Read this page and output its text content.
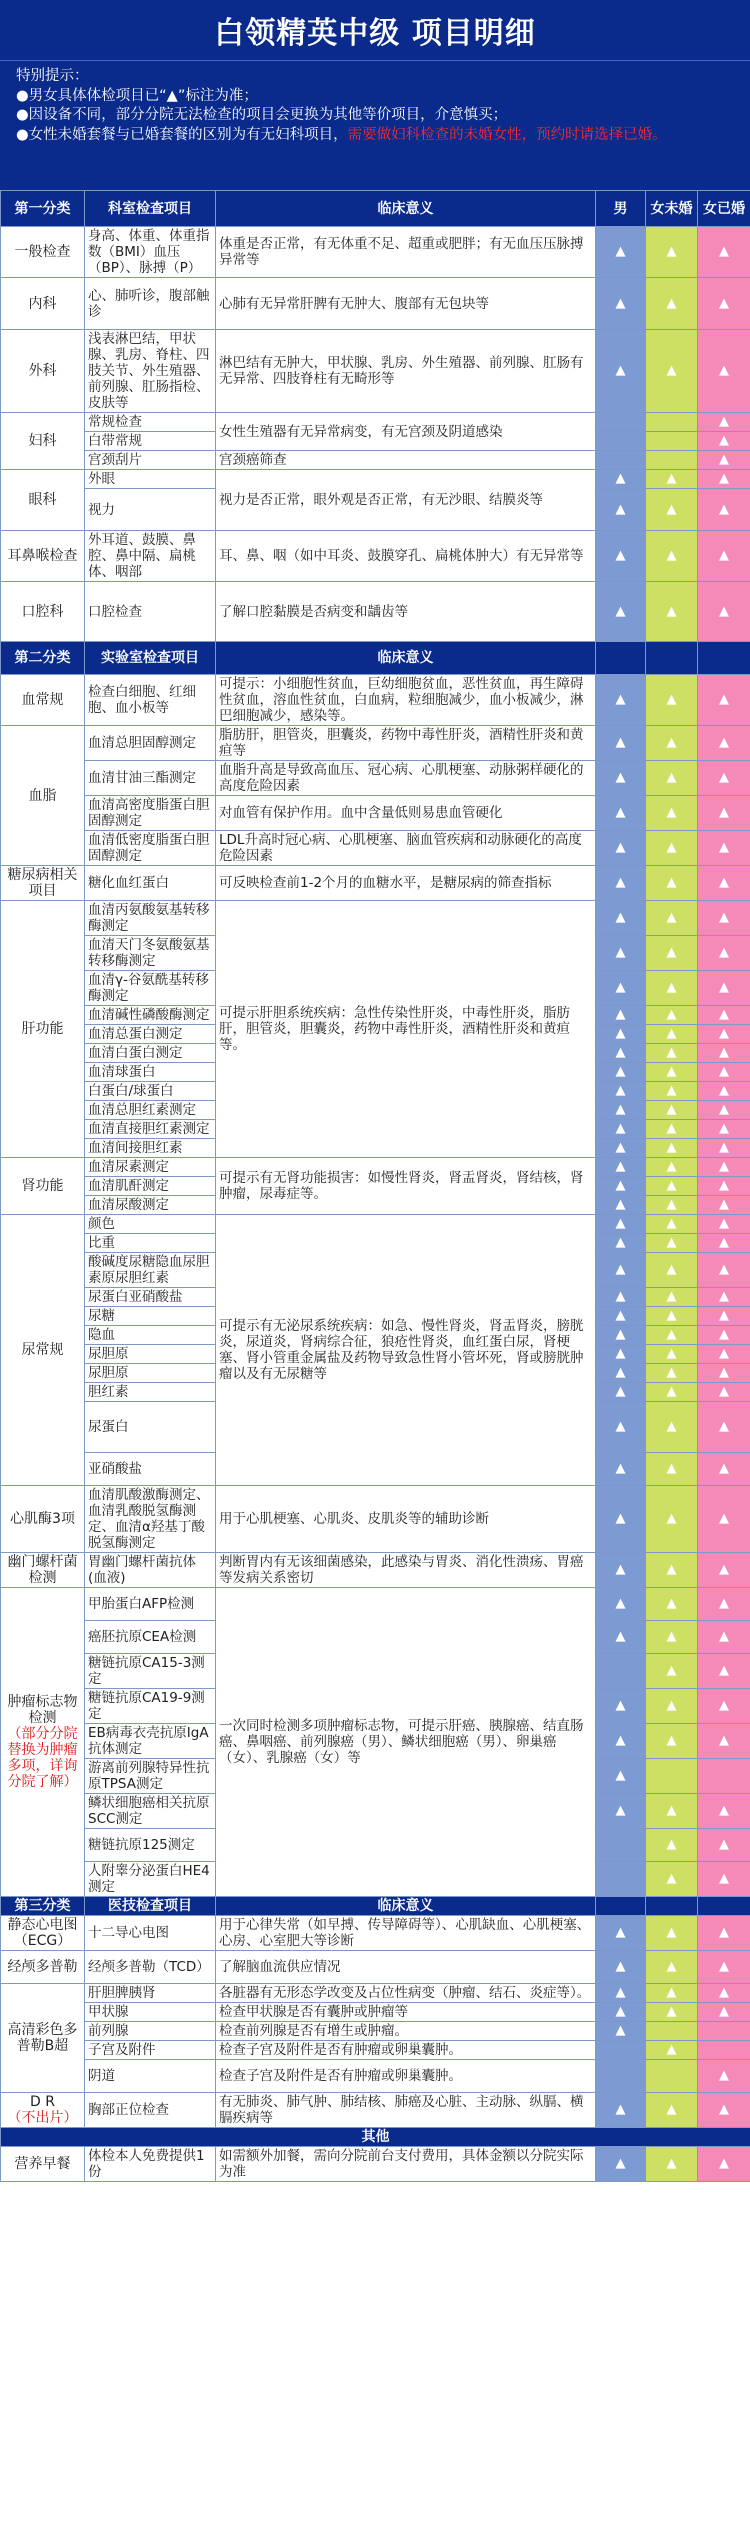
白领精英中级 项目明细
特别提示：
●男女具体体检项目已“▲”标注为准；
●因设备不同，部分分院无法检查的项目会更换为其他等价项目，介意慎买；
●女性未婚套餐与已婚套餐的区别为有无妇科项目，需要做妇科检查的未婚女性，预约时请选择已婚。
第一分类	科室检查项目	临床意义	男	女未婚	女已婚

一般检查	身高、体重、体重指数（BMI）血压（BP）、脉搏（P）	体重是否正常，有无体重不足、超重或肥胖；有无血压压脉搏异常等	▲	▲	▲

内科	心、肺听诊，腹部触诊	心肺有无异常肝脾有无肿大、腹部有无包块等	▲	▲	▲

外科	浅表淋巴结，甲状腺、乳房、脊柱、四肢关节、外生殖器、前列腺、肛肠指检、皮肤等	淋巴结有无肿大，甲状腺、乳房、外生殖器、前列腺、肛肠有无异常、四肢脊柱有无畸形等	▲	▲	▲

妇科	常规检查	女性生殖器有无异常病变，有无宫颈及阴道感染			▲
	白带常规				▲
	宫颈刮片	宫颈癌筛查			▲

眼科	外眼	视力是否正常，眼外观是否正常，有无沙眼、结膜炎等	▲	▲	▲
	视力		▲	▲	▲

耳鼻喉检查	外耳道、鼓膜、鼻腔、鼻中隔、扁桃体、咽部	耳、鼻、咽（如中耳炎、鼓膜穿孔、扁桃体肿大）有无异常等	▲	▲	▲

口腔科	口腔检查	了解口腔黏膜是否病变和龋齿等	▲	▲	▲
第二分类	实验室检查项目	临床意义			

血常规	检查白细胞、红细胞、血小板等	可提示：小细胞性贫血，巨幼细胞贫血，恶性贫血，再生障碍性贫血，溶血性贫血，白血病，粒细胞减少，血小板减少，淋巴细胞减少，感染等。	▲	▲	▲

血脂	血清总胆固醇测定	脂肪肝，胆管炎，胆囊炎，药物中毒性肝炎，酒精性肝炎和黄疸等	▲	▲	▲
	血清甘油三酯测定	血脂升高是导致高血压、冠心病、心肌梗塞、动脉粥样硬化的高度危险因素	▲	▲	▲
	血清高密度脂蛋白胆固醇测定	对血管有保护作用。血中含量低则易患血管硬化	▲	▲	▲
	血清低密度脂蛋白胆固醇测定	LDL升高时冠心病、心肌梗塞、脑血管疾病和动脉硬化的高度危险因素	▲	▲	▲

糖尿病相关项目	糖化血红蛋白	可反映检查前1-2个月的血糖水平，是糖尿病的筛查指标	▲	▲	▲

肝功能	血清丙氨酸氨基转移酶测定	可提示肝胆系统疾病：急性传染性肝炎，中毒性肝炎，脂肪肝，胆管炎，胆囊炎，药物中毒性肝炎，酒精性肝炎和黄疸等。	▲	▲	▲
	血清天门冬氨酸氨基转移酶测定		▲	▲	▲
	血清γ-谷氨酰基转移酶测定		▲	▲	▲
	血清碱性磷酸酶测定		▲	▲	▲
	血清总蛋白测定		▲	▲	▲
	血清白蛋白测定		▲	▲	▲
	血清球蛋白		▲	▲	▲
	白蛋白/球蛋白		▲	▲	▲
	血清总胆红素测定		▲	▲	▲
	血清直接胆红素测定		▲	▲	▲
	血清间接胆红素		▲	▲	▲

肾功能	血清尿素测定	可提示有无肾功能损害：如慢性肾炎，肾盂肾炎，肾结核，肾肿瘤，尿毒症等。	▲	▲	▲
	血清肌酐测定		▲	▲	▲
	血清尿酸测定		▲	▲	▲

尿常规	颜色	可提示有无泌尿系统疾病：如急、慢性肾炎，肾盂肾炎，膀胱炎，尿道炎，肾病综合征，狼疮性肾炎，血红蛋白尿，肾梗塞、肾小管重金属盐及药物导致急性肾小管坏死，肾或膀胱肿瘤以及有无尿糖等	▲	▲	▲
	比重		▲	▲	▲
	酸碱度尿糖隐血尿胆素原尿胆红素		▲	▲	▲
	尿蛋白亚硝酸盐		▲	▲	▲
	尿糖		▲	▲	▲
	隐血		▲	▲	▲
	尿胆原		▲	▲	▲
	尿胆原		▲	▲	▲
	胆红素		▲	▲	▲
	尿蛋白		▲	▲	▲
	亚硝酸盐		▲	▲	▲

心肌酶3项	血清肌酸激酶测定、血清乳酸脱氢酶测定、血清α羟基丁酸脱氢酶测定	用于心肌梗塞、心肌炎、皮肌炎等的辅助诊断	▲	▲	▲

幽门螺杆菌检测	胃幽门螺杆菌抗体(血液)	判断胃内有无该细菌感染，此感染与胃炎、消化性溃疡、胃癌等发病关系密切	▲	▲	▲

肿瘤标志物检测
（部分分院替换为肿瘤多项，详询分院了解）	甲胎蛋白AFP检测	一次同时检测多项肿瘤标志物，可提示肝癌、胰腺癌、结直肠癌、鼻咽癌、前列腺癌（男）、鳞状细胞癌（男）、卵巢癌（女）、乳腺癌（女）等	▲	▲	▲
	癌胚抗原CEA检测		▲	▲	▲
	糖链抗原CA15-3测定			▲	▲
	糖链抗原CA19-9测定		▲	▲	▲
	EB病毒衣壳抗原IgA抗体测定		▲	▲	▲
	游离前列腺特异性抗原TPSA测定		▲		
	鳞状细胞癌相关抗原SCC测定		▲	▲	▲
	糖链抗原125测定			▲	▲
	人附睾分泌蛋白HE4测定			▲	▲
第三分类	医技检查项目	临床意义			

静态心电图（ECG）	十二导心电图	用于心律失常（如早搏、传导障碍等）、心肌缺血、心肌梗塞、心房、心室肥大等诊断	▲	▲	▲

经颅多普勒	经颅多普勒（TCD）	了解脑血流供应情况	▲	▲	▲

高清彩色多普勒B超	肝胆脾胰肾	各脏器有无形态学改变及占位性病变（肿瘤、结石、炎症等）。	▲	▲	▲
	甲状腺	检查甲状腺是否有囊肿或肿瘤等	▲	▲	▲
	前列腺	检查前列腺是否有增生或肿瘤。	▲		
	子宫及附件	检查子宫及附件是否有肿瘤或卵巢囊肿。		▲	
	阴道	检查子宫及附件是否有肿瘤或卵巢囊肿。			▲

D R
（不出片）	胸部正位检查	有无肺炎、肺气肿、肺结核、肺癌及心脏、主动脉、纵膈、横膈疾病等	▲	▲	▲
其他					

营养早餐	体检本人免费提供1份	如需额外加餐，需向分院前台支付费用，具体金额以分院实际为准	▲	▲	▲
